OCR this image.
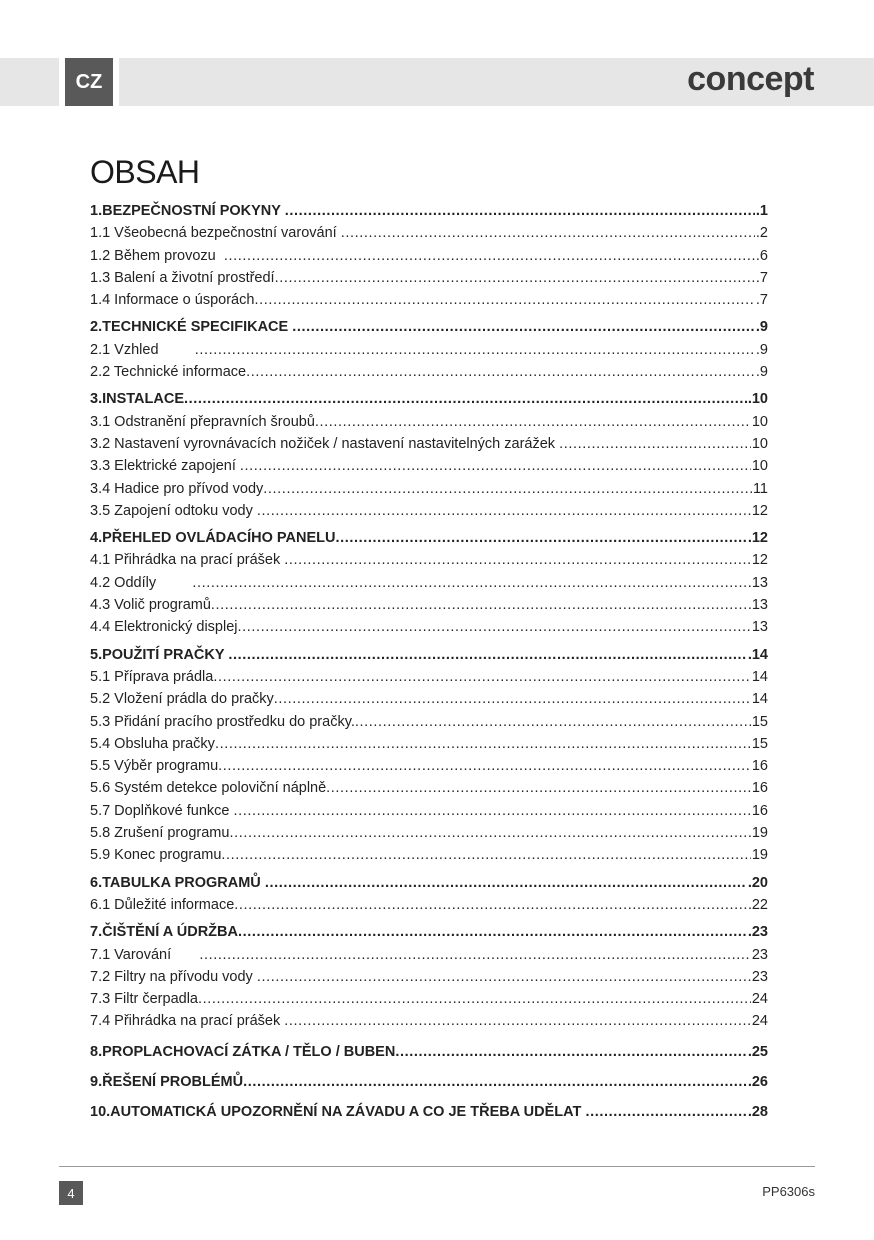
CZ	concept
OBSAH
1.BEZPEČNOSTNÍ POKYNY .....	.1
1.1 Všeobecná bezpečnostní varování .....	.2
1.2 Během provozu .....	.6
1.3 Balení a životní prostředí .....	.7
1.4 Informace o úsporách .....	.7
2.TECHNICKÉ SPECIFIKACE .....	.9
2.1 Vzhled .....	.9
2.2 Technické informace .....	.9
3.INSTALACE .....	.10
3.1 Odstranění přepravních šroubů .....	10
3.2 Nastavení vyrovnávacích nožiček / nastavení nastavitelných zarážek .....	10
3.3 Elektrické zapojení .....	10
3.4 Hadice pro přívod vody .....	11
3.5 Zapojení odtoku vody .....	12
4.PŘEHLED OVLÁDACÍHO PANELU .....	.12
4.1 Přihrádka na prací prášek .....	12
4.2 Oddíly .....	13
4.3 Volič programů .....	13
4.4 Elektronický displej .....	13
5.POUŽITÍ PRAČKY .....	.14
5.1 Příprava prádla .....	14
5.2 Vložení prádla do pračky .....	14
5.3 Přidání pracího prostředku do pračky. .....	15
5.4 Obsluha pračky .....	15
5.5 Výběr programu .....	16
5.6 Systém detekce poloviční náplně .....	16
5.7 Doplňkové funkce .....	16
5.8 Zrušení programu .....	19
5.9 Konec programu .....	19
6.TABULKA PROGRAMŮ .....	.20
6.1 Důležité informace .....	22
7.ČIŠTĚNÍ A ÚDRŽBA .....	.23
7.1 Varování .....	23
7.2 Filtry na přívodu vody .....	23
7.3 Filtr čerpadla .....	24
7.4 Přihrádka na prací prášek .....	24
8.PROPLACHOVACÍ ZÁTKA / TĚLO / BUBEN .....	.25
9.ŘEŠENÍ PROBLÉMŮ .....	.26
10.AUTOMATICKÁ UPOZORNĚNÍ NA ZÁVADU A CO JE TŘEBA UDĚLAT .....	.28
4	PP6306s
